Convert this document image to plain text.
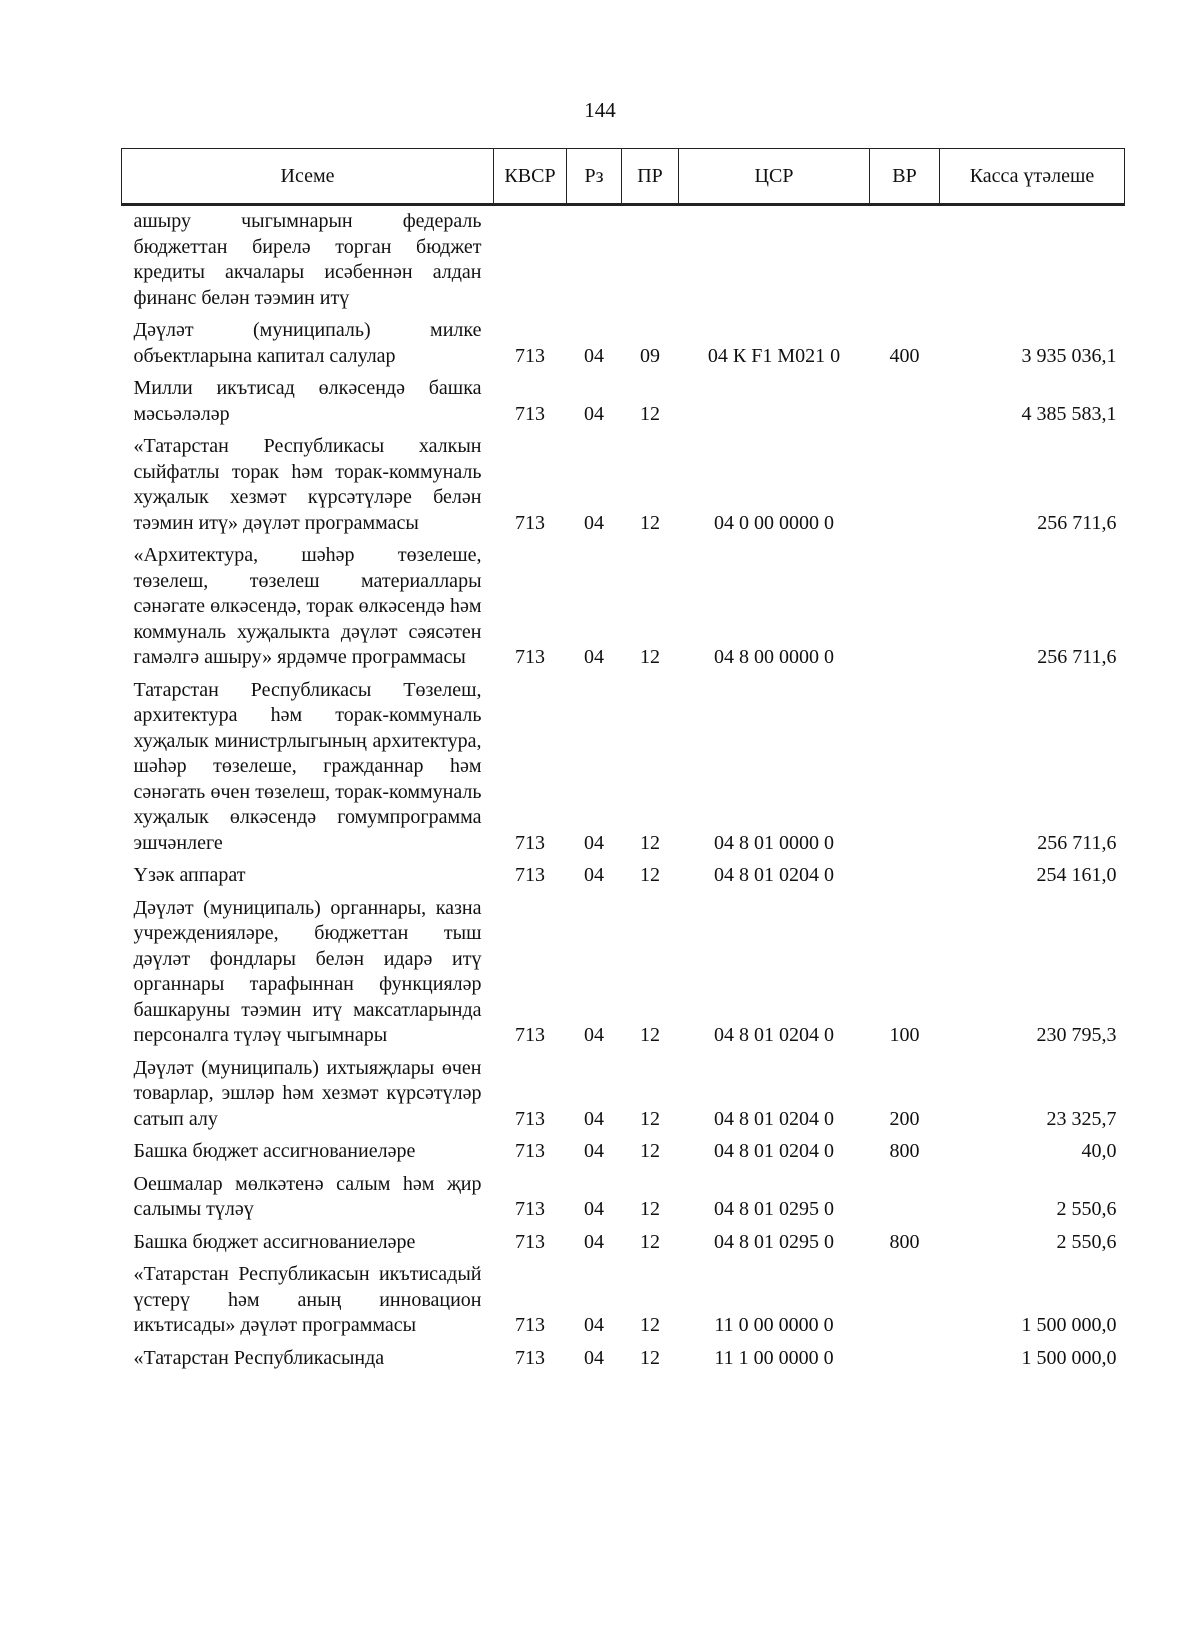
144
Исеме	КВСР	Рз	ПР	ЦСР	ВР	Касса үтәлеше
ашыру чыгымнарын федераль бюджеттан бирелә торган бюджет кредиты акчалары исәбеннән алдан финанс белән тәэмин итү						
Дәүләт (муниципаль) милке объектларына капитал салулар	713	04	09	04 К F1 М021 0	400	3 935 036,1
Милли икътисад өлкәсендә башка мәсьәләләр	713	04	12			4 385 583,1
«Татарстан Республикасы халкын сыйфатлы торак һәм торак-коммуналь хуҗалык хезмәт күрсәтүләре белән тәэмин итү» дәүләт программасы	713	04	12	04 0 00 0000 0		256 711,6
«Архитектура, шәһәр төзелеше, төзелеш, төзелеш материаллары сәнәгате өлкәсендә, торак өлкәсендә һәм коммуналь хуҗалыкта дәүләт сәясәтен гамәлгә ашыру» ярдәмче программасы	713	04	12	04 8 00 0000 0		256 711,6
Татарстан Республикасы Төзелеш, архитектура һәм торак-коммуналь хуҗалык министрлыгының архитектура, шәһәр төзелеше, гражданнар һәм сәнәгать өчен төзелеш, торак-коммуналь хуҗалык өлкәсендә гомумпрограмма эшчәнлеге	713	04	12	04 8 01 0000 0		256 711,6
Үзәк аппарат	713	04	12	04 8 01 0204 0		254 161,0
Дәүләт (муниципаль) органнары, казна учрежденияләре, бюджеттан тыш дәүләт фондлары белән идарә итү органнары тарафыннан функцияләр башкаруны тәэмин итү максатларында персоналга түләү чыгымнары	713	04	12	04 8 01 0204 0	100	230 795,3
Дәүләт (муниципаль) ихтыяҗлары өчен товарлар, эшләр һәм хезмәт күрсәтүләр сатып алу	713	04	12	04 8 01 0204 0	200	23 325,7
Башка бюджет ассигнованиеләре	713	04	12	04 8 01 0204 0	800	40,0
Оешмалар мөлкәтенә салым һәм җир салымы түләү	713	04	12	04 8 01 0295 0		2 550,6
Башка бюджет ассигнованиеләре	713	04	12	04 8 01 0295 0	800	2 550,6
«Татарстан Республикасын икътисадый үстерү һәм аның инновацион икътисады» дәүләт программасы	713	04	12	11 0 00 0000 0		1 500 000,0
«Татарстан Республикасында	713	04	12	11 1 00 0000 0		1 500 000,0
